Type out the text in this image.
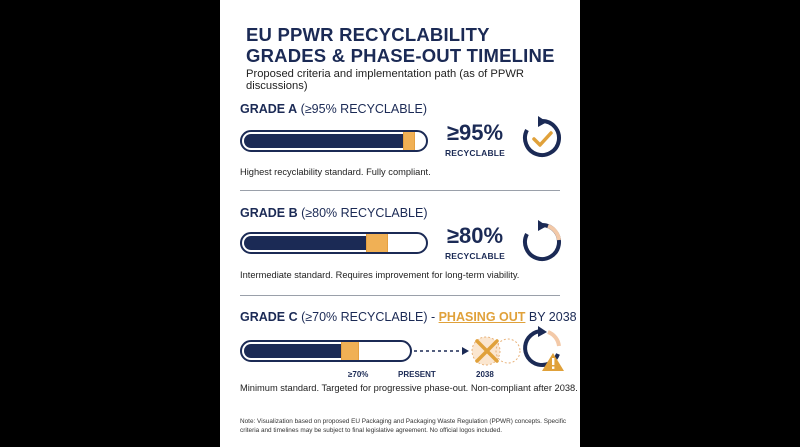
EU PPWR RECYCLABILITY GRADES & PHASE-OUT TIMELINE
Proposed criteria and implementation path (as of PPWR discussions)
GRADE A (≥95% RECYCLABLE)
≥95%
RECYCLABLE
Highest recyclability standard. Fully compliant.
GRADE B (≥80% RECYCLABLE)
≥80%
RECYCLABLE
Intermediate standard. Requires improvement for long-term viability.
GRADE C (≥70% RECYCLABLE) - PHASING OUT BY 2038
≥70%	PRESENT	2038
Minimum standard. Targeted for progressive phase-out. Non-compliant after 2038.
Note: Visualization based on proposed EU Packaging and Packaging Waste Regulation (PPWR) concepts. Specific criteria and timelines may be subject to final legislative agreement. No official logos included.
